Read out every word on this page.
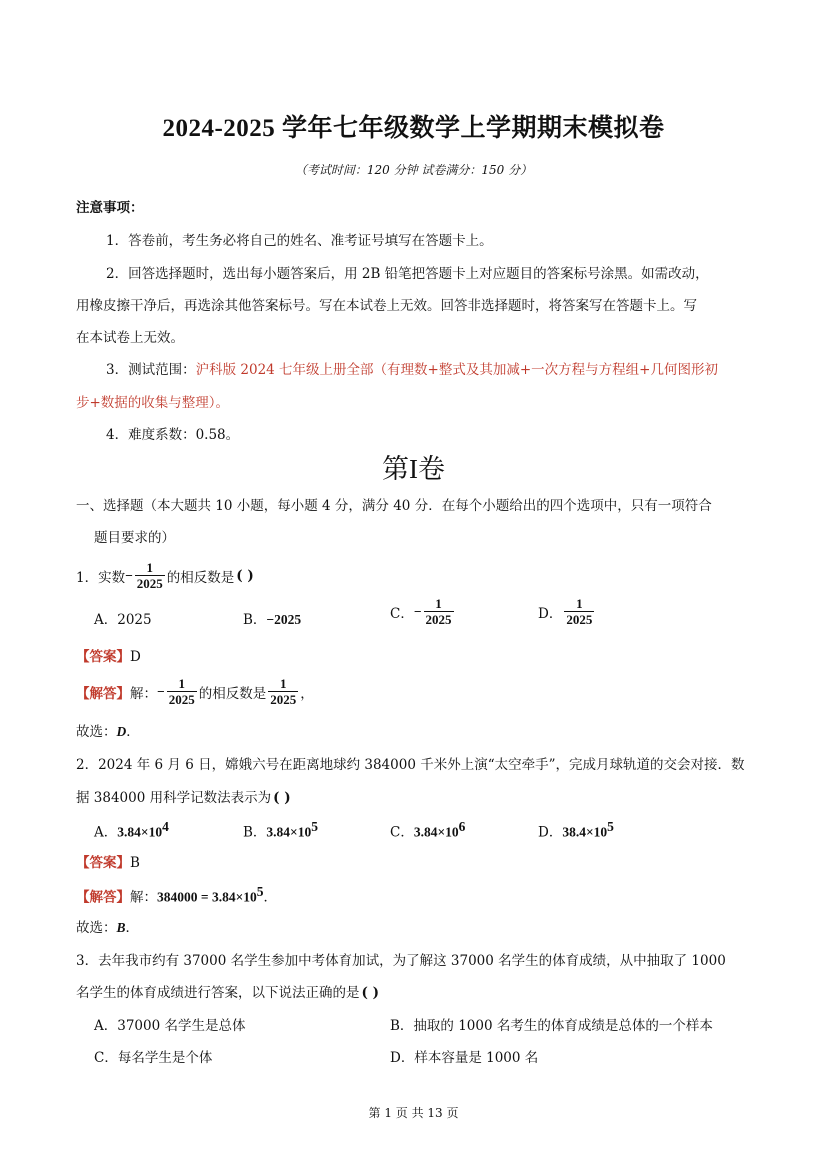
2024-2025 学年七年级数学上学期期末模拟卷
（考试时间：120 分钟 试卷满分：150 分）
注意事项：
1．答卷前，考生务必将自己的姓名、准考证号填写在答题卡上。
2．回答选择题时，选出每小题答案后，用 2B 铅笔把答题卡上对应题目的答案标号涂黑。如需改动，
用橡皮擦干净后，再选涂其他答案标号。写在本试卷上无效。回答非选择题时，将答案写在答题卡上。写
在本试卷上无效。
3．测试范围：沪科版 2024 七年级上册全部（有理数+整式及其加减+一次方程与方程组+几何图形初
步+数据的收集与整理）。
4．难度系数：0.58。
第I卷
一、选择题（本大题共 10 小题，每小题 4 分，满分 40 分．在每个小题给出的四个选项中，只有一项符合
题目要求的）
1．实数 − $\frac{1}{2025}$ 的相反数是 ( )
A．2025	B．−2025	C． − $\frac{1}{2025}$	D． $\frac{1}{2025}$
【答案】D
【解答】 解： − $\frac{1}{2025}$ 的相反数是 $\frac{1}{2025}$ ，
故选：D．
2．2024 年 6 月 6 日，嫦娥六号在距离地球约 384000 千米外上演“太空牵手”，完成月球轨道的交会对接．数
据 384000 用科学记数法表示为 ( )
A．$3.84\times 10^4$	B．$3.84\times 10^5$	C．$3.84\times 10^6$	D．$38.4\times 10^5$
【答案】B
【解答】解：$384000 = 3.84\times 10^5$．
故选：B．
3．去年我市约有 37000 名学生参加中考体育加试，为了解这 37000 名学生的体育成绩，从中抽取了 1000
名学生的体育成绩进行答案，以下说法正确的是 ( )
A．37000 名学生是总体	B．抽取的 1000 名考生的体育成绩是总体的一个样本
C．每名学生是个体	D．样本容量是 1000 名
第 1 页 共 13 页
